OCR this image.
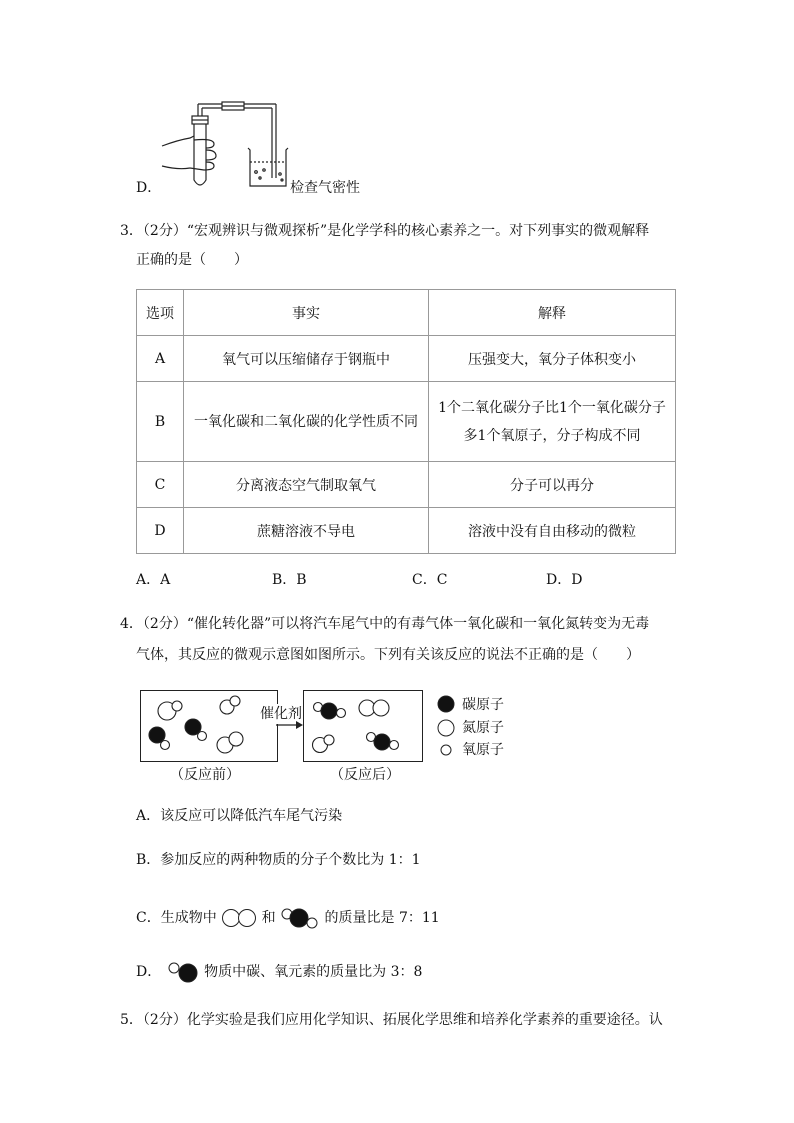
D．	检查气密性
3．（2分）“宏观辨识与微观探析”是化学学科的核心素养之一。对下列事实的微观解释
正确的是（　　）
选项	事实	解释
A	氧气可以压缩储存于钢瓶中	压强变大，氧分子体积变小
B	一氧化碳和二氧化碳的化学性质不同	1个二氧化碳分子比1个一氧化碳分子
多1个氧原子，分子构成不同

C	分离液态空气制取氧气	分子可以再分
D	蔗糖溶液不导电	溶液中没有自由移动的微粒
A．A	B．B	C．C	D．D
4．（2分）“催化转化器”可以将汽车尾气中的有毒气体一氧化碳和一氧化氮转变为无毒
气体，其反应的微观示意图如图所示。下列有关该反应的说法不正确的是（　　）
（反应前）
催化剂
（反应后）
碳原子
氮原子
氧原子
A．该反应可以降低汽车尾气污染
B．参加反应的两种物质的分子个数比为 1：1
C．生成物中	和	的质量比是 7：11
D．	物质中碳、氧元素的质量比为 3：8
5．（2分）化学实验是我们应用化学知识、拓展化学思维和培养化学素养的重要途径。认
